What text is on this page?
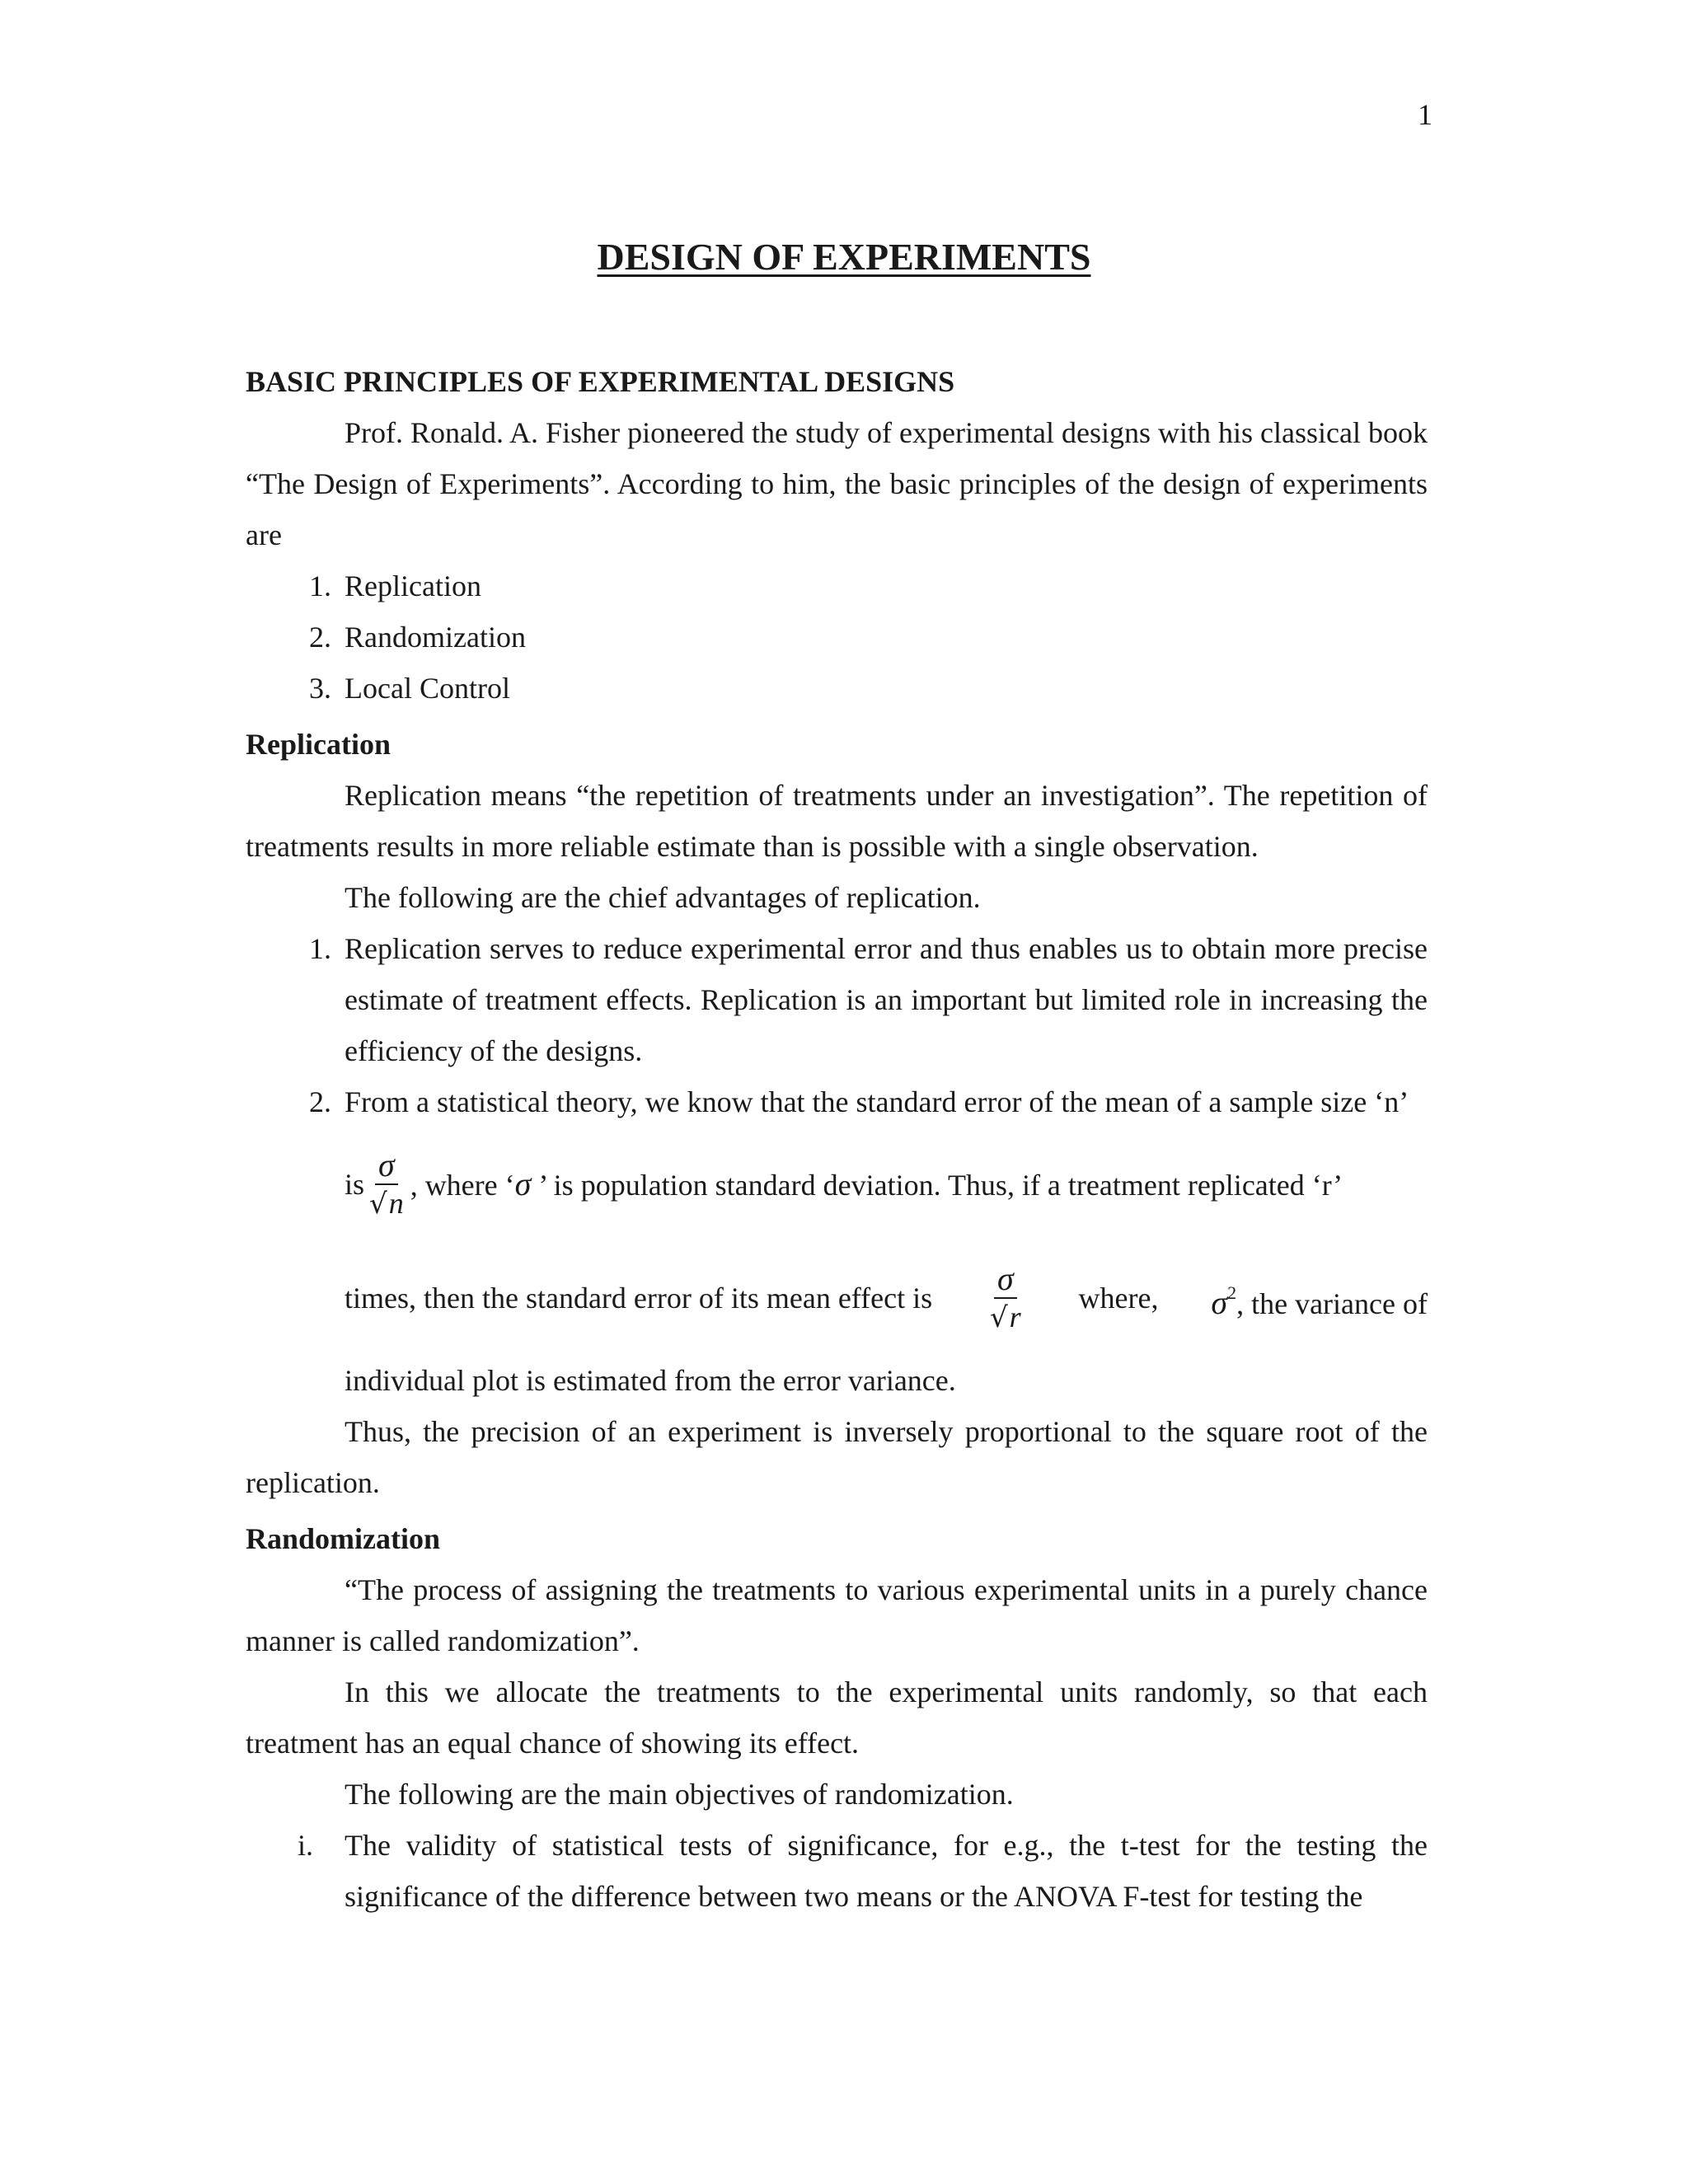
1
DESIGN OF EXPERIMENTS

BASIC PRINCIPLES OF EXPERIMENTAL DESIGNS

Prof. Ronald. A. Fisher pioneered the study of experimental designs with his classical book “The Design of Experiments”. According to him, the basic principles of the design of experiments are

1. Replication
2. Randomization
3. Local Control

Replication

Replication means “the repetition of treatments under an investigation”. The repetition of treatments results in more reliable estimate than is possible with a single observation.

The following are the chief advantages of replication.

1. Replication serves to reduce experimental error and thus enables us to obtain more precise estimate of treatment effects. Replication is an important but limited role in increasing the efficiency of the designs.
2. From a statistical theory, we know that the standard error of the mean of a sample size ‘n’
is $\frac{\sigma}{√n}$ , where ‘σ ’ is population standard deviation. Thus, if a treatment replicated ‘r’
times, then the standard error of its mean effect is $\frac{\sigma}{√r}$ where, $\sigma^2$, the variance of

individual plot is estimated from the error variance.

Thus, the precision of an experiment is inversely proportional to the square root of the replication.

Randomization

“The process of assigning the treatments to various experimental units in a purely chance manner is called randomization”.

In this we allocate the treatments to the experimental units randomly, so that each treatment has an equal chance of showing its effect.

The following are the main objectives of randomization.

i. The validity of statistical tests of significance, for e.g., the t-test for the testing the significance of the difference between two means or the ANOVA F-test for testing the
